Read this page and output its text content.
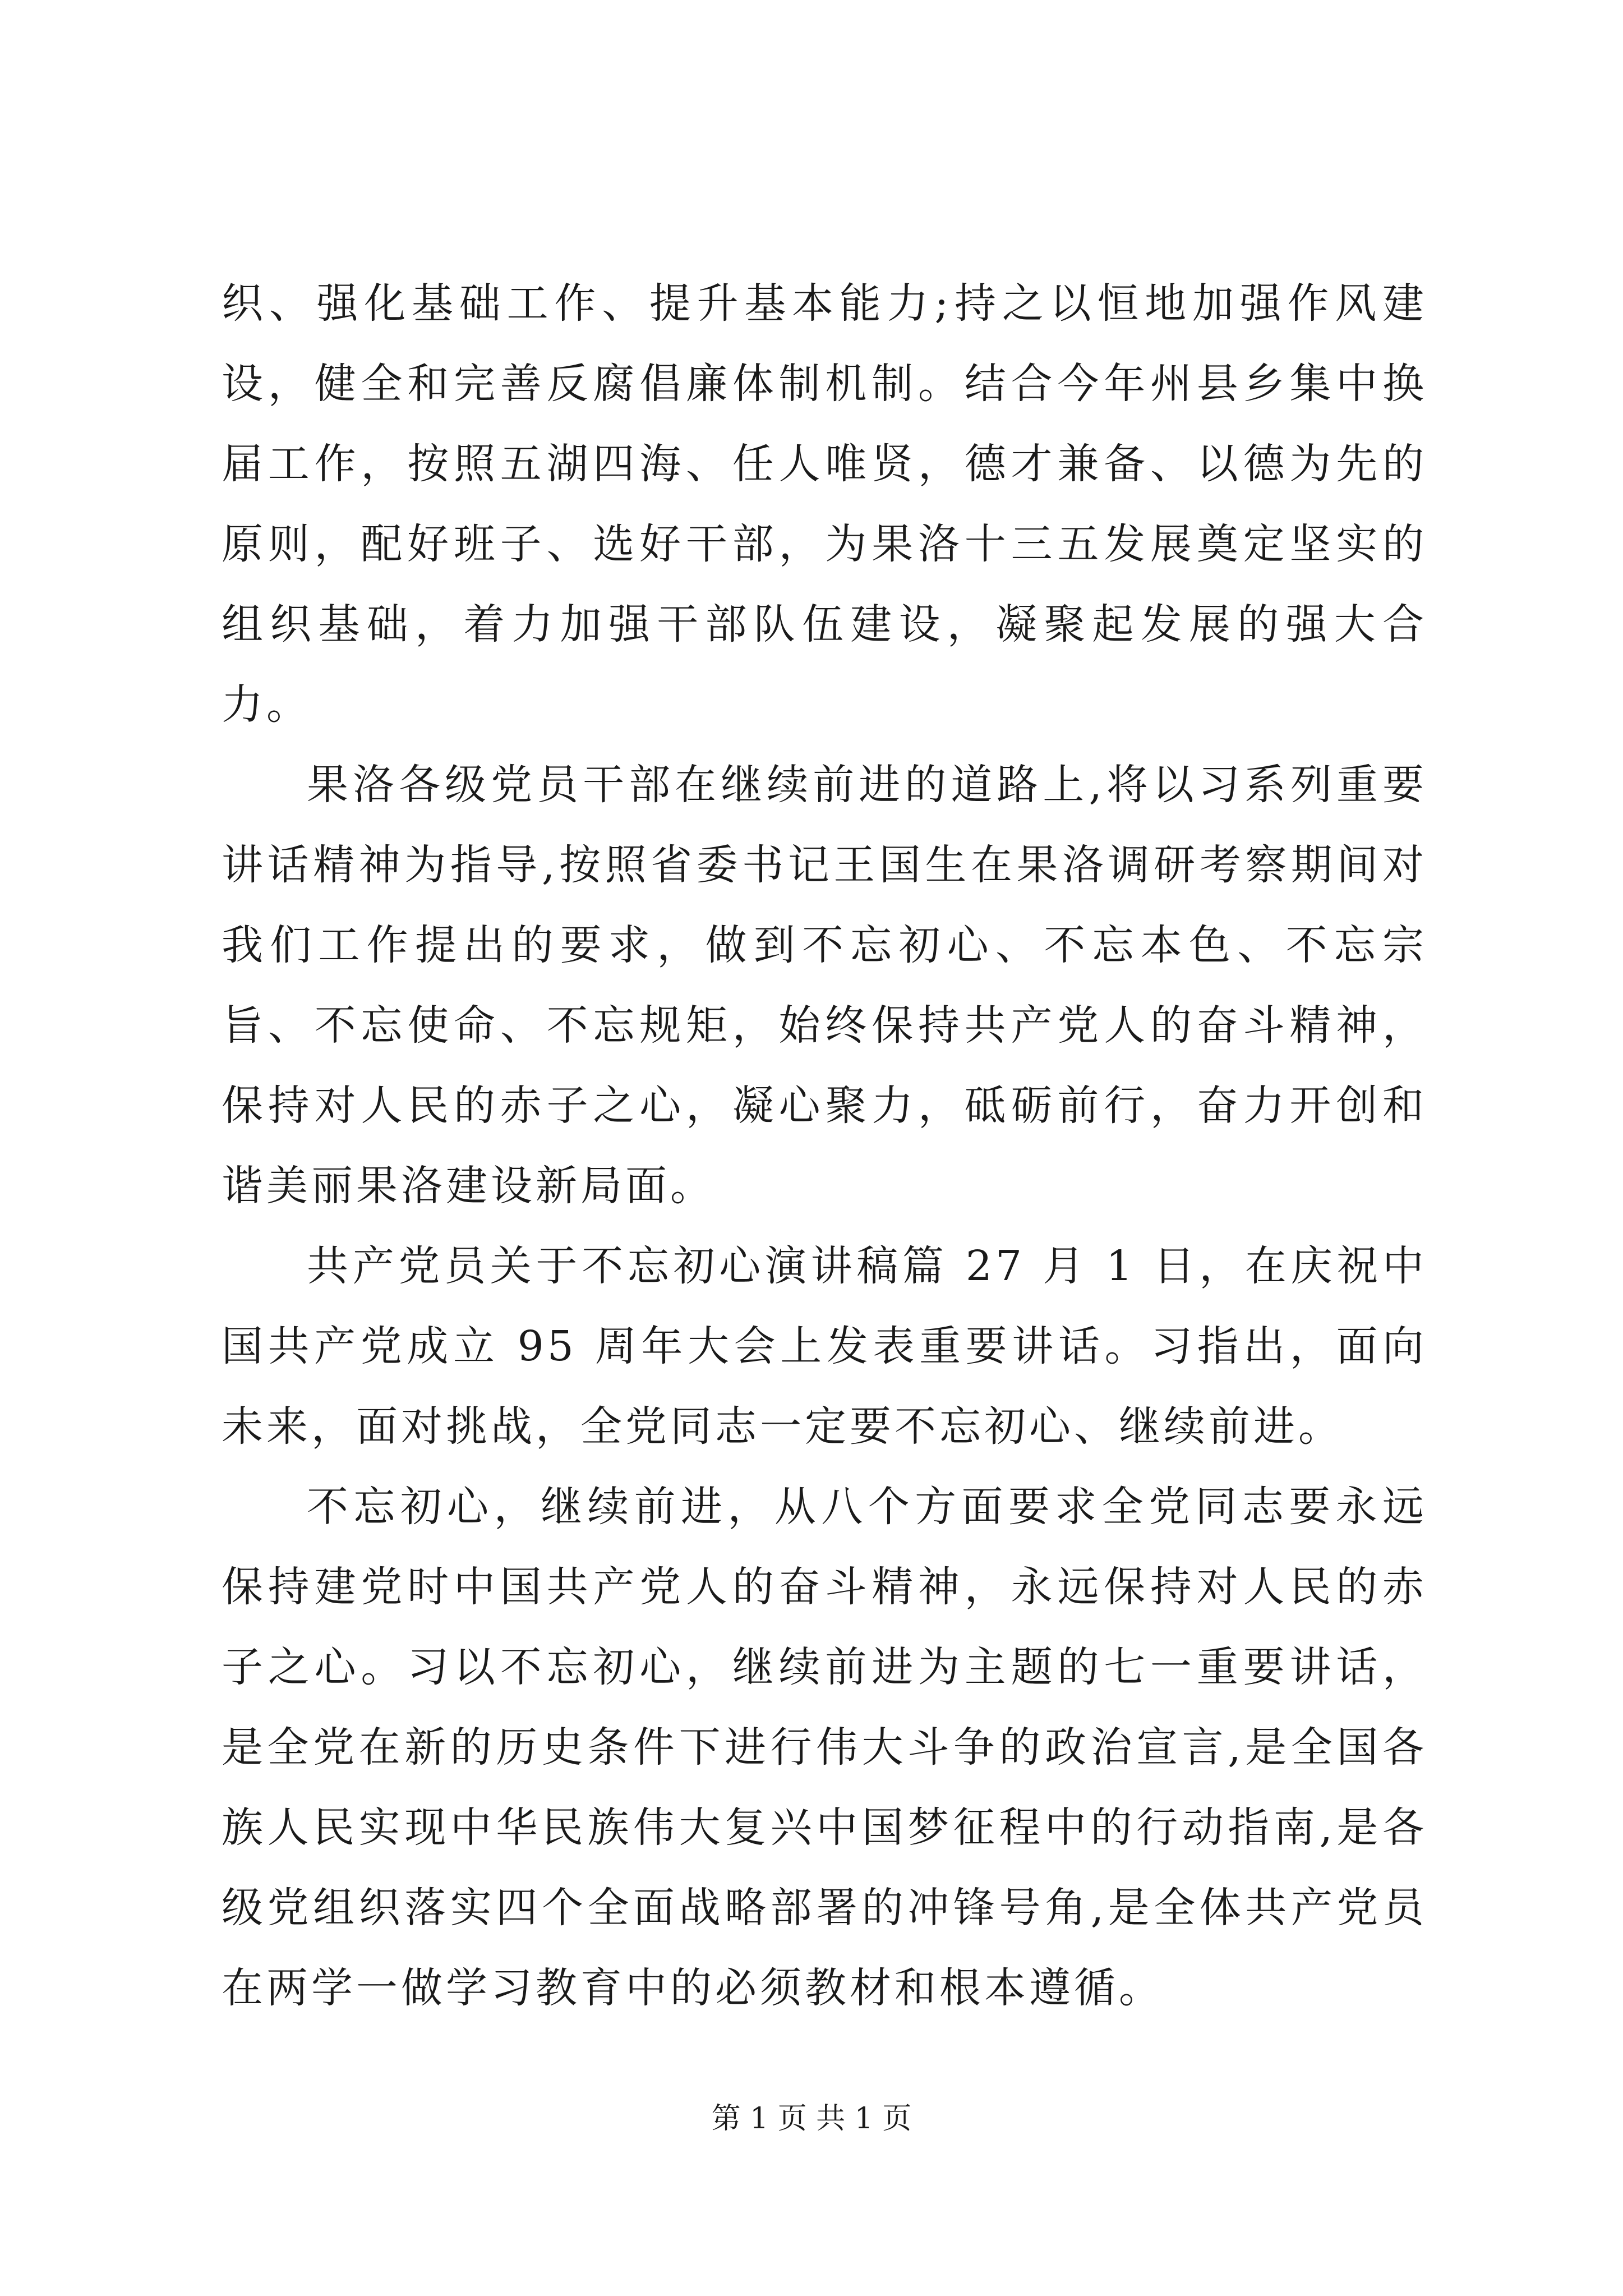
织、强化基础工作、提升基本能力;持之以恒地加强作风建设，健全和完善反腐倡廉体制机制。结合今年州县乡集中换届工作，按照五湖四海、任人唯贤，德才兼备、以德为先的原则，配好班子、选好干部，为果洛十三五发展奠定坚实的组织基础，着力加强干部队伍建设，凝聚起发展的强大合力。

果洛各级党员干部在继续前进的道路上,将以习系列重要讲话精神为指导,按照省委书记王国生在果洛调研考察期间对我们工作提出的要求，做到不忘初心、不忘本色、不忘宗旨、不忘使命、不忘规矩，始终保持共产党人的奋斗精神，保持对人民的赤子之心，凝心聚力，砥砺前行，奋力开创和谐美丽果洛建设新局面。

共产党员关于不忘初心演讲稿篇 27 月 1 日，在庆祝中国共产党成立 95 周年大会上发表重要讲话。习指出，面向未来，面对挑战，全党同志一定要不忘初心、继续前进。

不忘初心，继续前进，从八个方面要求全党同志要永远保持建党时中国共产党人的奋斗精神，永远保持对人民的赤子之心。习以不忘初心，继续前进为主题的七一重要讲话，是全党在新的历史条件下进行伟大斗争的政治宣言,是全国各族人民实现中华民族伟大复兴中国梦征程中的行动指南,是各级党组织落实四个全面战略部署的冲锋号角,是全体共产党员在两学一做学习教育中的必须教材和根本遵循。

第 1 页 共 1 页
